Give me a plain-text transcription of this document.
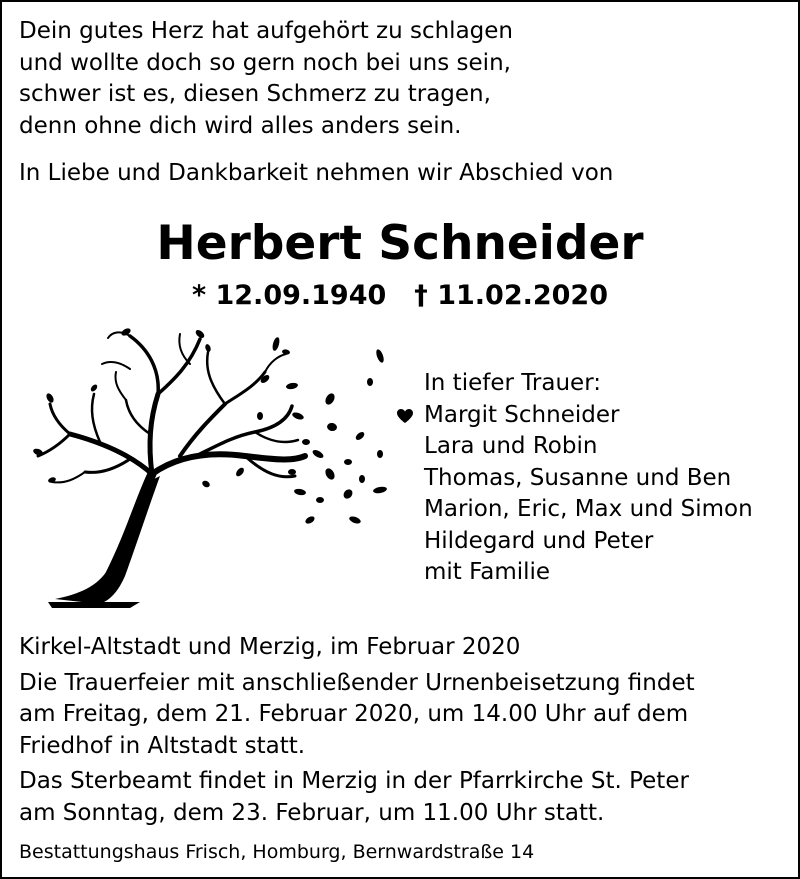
Dein gutes Herz hat aufgehört zu schlagen
und wollte doch so gern noch bei uns sein,
schwer ist es, diesen Schmerz zu tragen,
denn ohne dich wird alles anders sein.
In Liebe und Dankbarkeit nehmen wir Abschied von
Herbert Schneider
* 12.09.1940 † 11.02.2020
In tiefer Trauer:
Margit Schneider
Lara und Robin
Thomas, Susanne und Ben
Marion, Eric, Max und Simon
Hildegard und Peter
mit Familie
Kirkel-Altstadt und Merzig, im Februar 2020
Die Trauerfeier mit anschließender Urnenbeisetzung findet
am Freitag, dem 21. Februar 2020, um 14.00 Uhr auf dem
Friedhof in Altstadt statt.
Das Sterbeamt findet in Merzig in der Pfarrkirche St. Peter
am Sonntag, dem 23. Februar, um 11.00 Uhr statt.
Bestattungshaus Frisch, Homburg, Bernwardstraße 14
